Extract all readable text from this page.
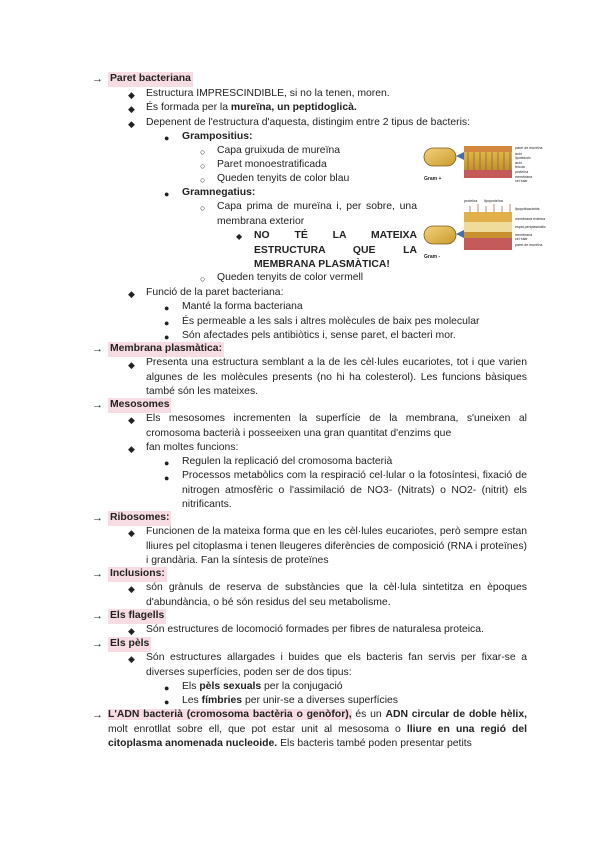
→ Paret bacteriana
◆ Estructura IMPRESCINDIBLE, si no la tenen, moren.
◆ És formada per la mureïna, un peptidoglicà.
◆ Depenent de l'estructura d'aquesta, distingim entre 2 tipus de bacteris:
● Grampositius:
○ Capa gruixuda de mureïna
○ Paret monoestratificada
○ Queden tenyits de color blau
● Gramnegatius:
○ Capa prima de mureïna i, per sobre, una membrana exterior
◆ NO TÉ LA MATEIXA ESTRUCTURA QUE LA MEMBRANA PLASMÀTICA!
○ Queden tenyits de color vermell
◆ Funció de la paret bacteriana:
● Manté la forma bacteriana
● És permeable a les sals i altres molècules de baix pes molecular
● Són afectades pels antibiòtics i, sense paret, el bacteri mor.
Gram +
paret de mureïna
àcid
lipoteicoic
àcid
teicoic
proteïna
membrana
cel·lular
Gram -
proteïna lipoproteïna
lipopolisacàrids
membrana externa
espai periplasmàtic
membrana
cel·lular
paret de mureïna
→ Membrana plasmàtica:
◆ Presenta una estructura semblant a la de les cèl·lules eucariotes, tot i que varien algunes de les molècules presents (no hi ha colesterol). Les funcions bàsiques també són les mateixes.
→ Mesosomes
◆ Els mesosomes incrementen la superfície de la membrana, s'uneixen al cromosoma bacterià i posseeixen una gran quantitat d'enzims que
◆ fan moltes funcions:
● Regulen la replicació del cromosoma bacterià
● Processos metabòlics com la respiració cel·lular o la fotosíntesi, fixació de nitrogen atmosfèric o l'assimilació de NO3- (Nitrats) o NO2- (nitrit) els nitrificants.
→ Ribosomes:
◆ Funcionen de la mateixa forma que en les cèl·lules eucariotes, però sempre estan lliures pel citoplasma i tenen lleugeres diferències de composició (RNA i proteïnes) i grandària. Fan la síntesis de proteïnes
→ Inclusions:
◆ són grànuls de reserva de substàncies que la cèl·lula sintetitza en èpoques d'abundància, o bé són residus del seu metabolisme.
→ Els flagells
◆ Són estructures de locomoció formades per fibres de naturalesa proteica.
→ Els pèls
◆ Són estructures allargades i buides que els bacteris fan servis per fixar-se a diverses superfícies, poden ser de dos tipus:
● Els pèls sexuals per la conjugació
● Les fímbries per unir-se a diverses superfícies
→ L'ADN bacterià (cromosoma bactèria o genòfor), és un ADN circular de doble hèlix, molt enrotllat sobre ell, que pot estar unit al mesosoma o lliure en una regió del citoplasma anomenada nucleoide. Els bacteris també poden presentar petits
